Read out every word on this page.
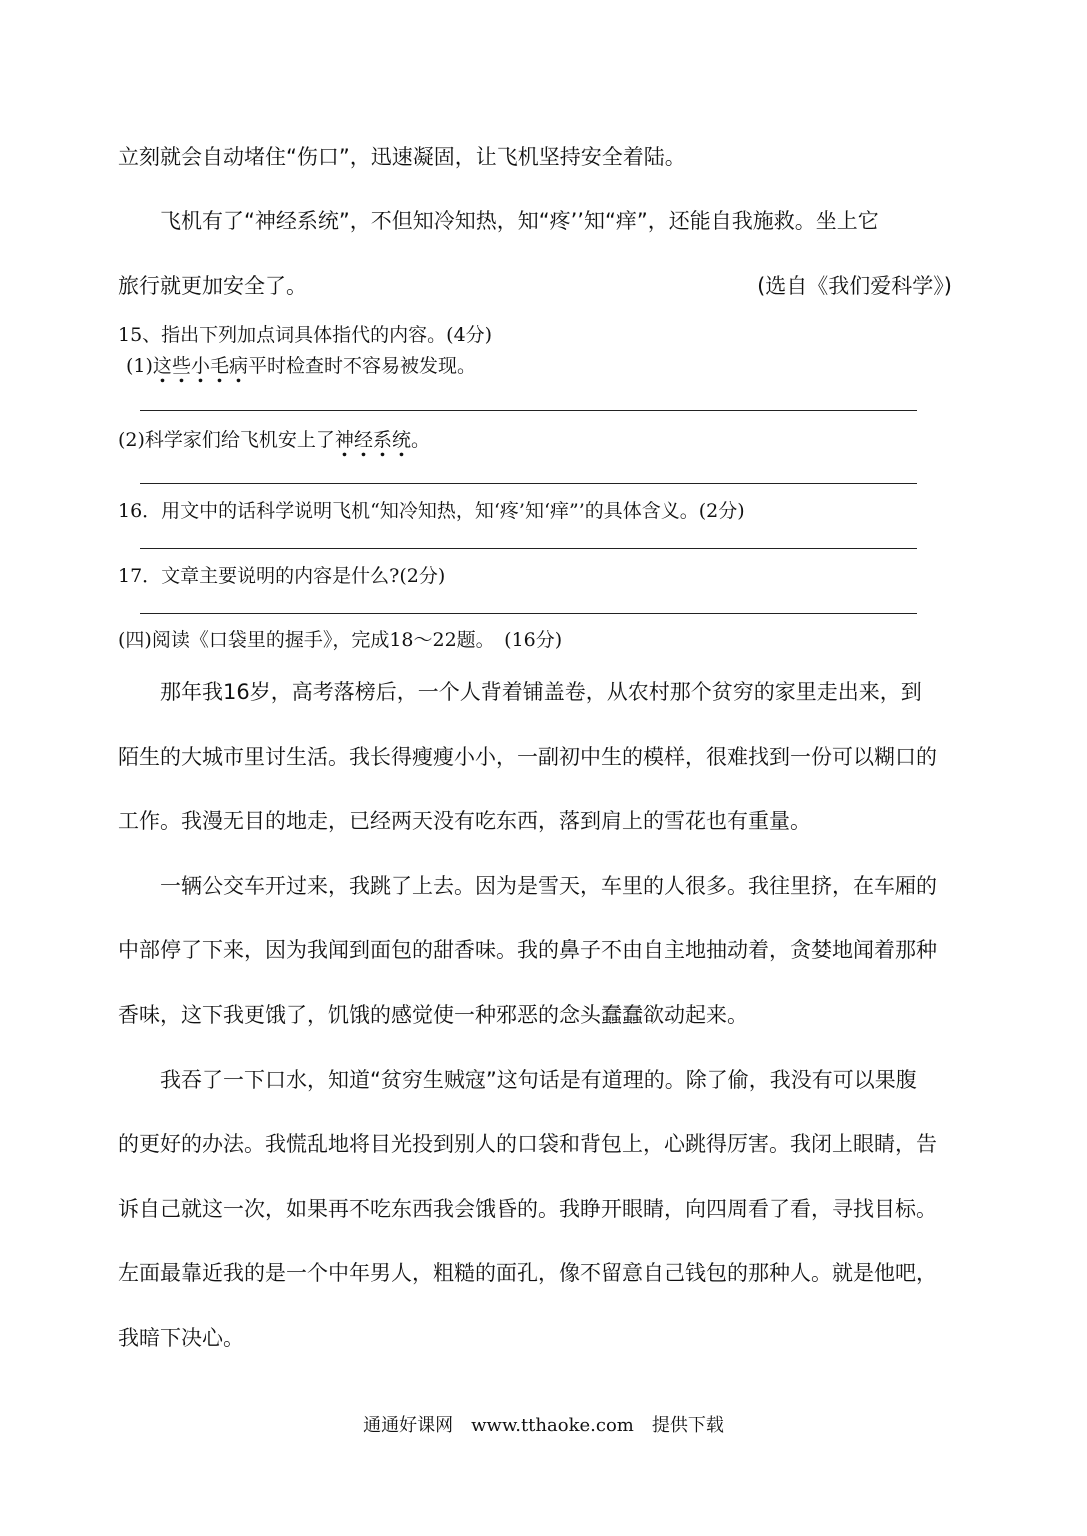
立刻就会自动堵住“伤口”，迅速凝固，让飞机坚持安全着陆。
飞机有了“神经系统”，不但知冷知热，知“疼’’知“痒”，还能自我施救。坐上它
旅行就更加安全了。	(选自《我们爱科学》)
15、指出下列加点词具体指代的内容。(4分)
(1)这些小毛病平时检查时不容易被发现。
(2)科学家们给飞机安上了神经系统。
16．用文中的话科学说明飞机“知冷知热，知‘疼’知‘痒”’的具体含义。(2分)
17．文章主要说明的内容是什么?(2分)
(四)阅读《口袋里的握手》，完成18～22题。　(16分)
那年我16岁，高考落榜后，一个人背着铺盖卷，从农村那个贫穷的家里走出来，到
陌生的大城市里讨生活。我长得瘦瘦小小，一副初中生的模样，很难找到一份可以糊口的
工作。我漫无目的地走，已经两天没有吃东西，落到肩上的雪花也有重量。
一辆公交车开过来，我跳了上去。因为是雪天，车里的人很多。我往里挤，在车厢的
中部停了下来，因为我闻到面包的甜香味。我的鼻子不由自主地抽动着，贪婪地闻着那种
香味，这下我更饿了，饥饿的感觉使一种邪恶的念头蠢蠢欲动起来。
我吞了一下口水，知道“贫穷生贼寇”这句话是有道理的。除了偷，我没有可以果腹
的更好的办法。我慌乱地将目光投到别人的口袋和背包上，心跳得厉害。我闭上眼睛，告
诉自己就这一次，如果再不吃东西我会饿昏的。我睁开眼睛，向四周看了看，寻找目标。
左面最靠近我的是一个中年男人，粗糙的面孔，像不留意自己钱包的那种人。就是他吧，
我暗下决心。
通通好课网　www.tthaoke.com　提供下载
